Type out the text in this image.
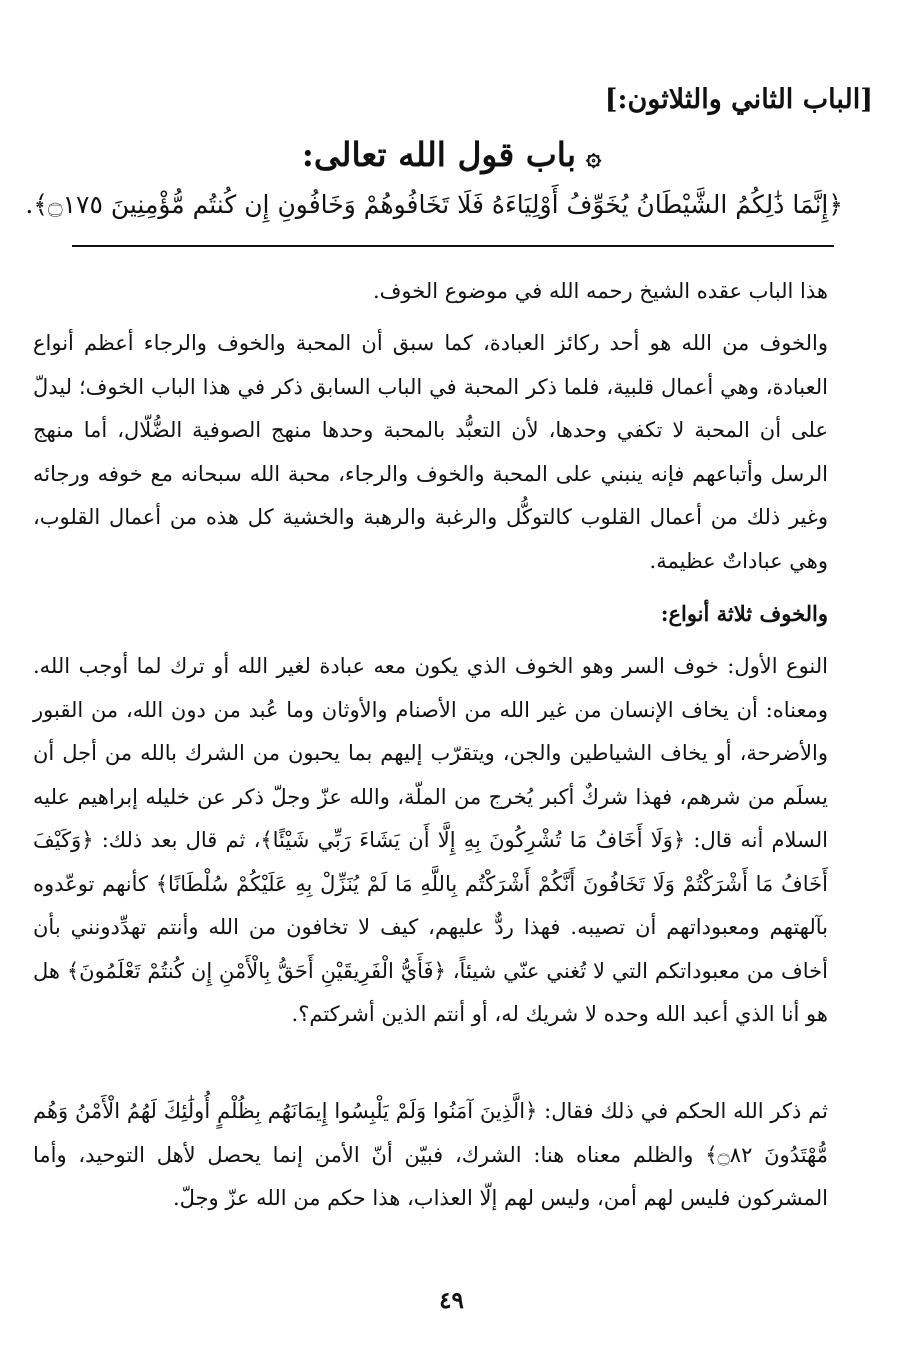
[الباب الثاني والثلاثون:]
۞باب قول الله تعالى:
﴿إِنَّمَا ذَٰلِكُمُ الشَّيْطَانُ يُخَوِّفُ أَوْلِيَاءَهُ فَلَا تَخَافُوهُمْ وَخَافُونِ إِن كُنتُم مُّؤْمِنِينَ ۝١٧٥﴾.
هذا الباب عقده الشيخ رحمه الله في موضوع الخوف.
والخوف من الله هو أحد ركائز العبادة، كما سبق أن المحبة والخوف والرجاء أعظم أنواع العبادة، وهي أعمال قلبية، فلما ذكر المحبة في الباب السابق ذكر في هذا الباب الخوف؛ ليدلّ على أن المحبة لا تكفي وحدها، لأن التعبُّد بالمحبة وحدها منهج الصوفية الضُّلّال، أما منهج الرسل وأتباعهم فإنه ينبني على المحبة والخوف والرجاء، محبة الله سبحانه مع خوفه ورجائه وغير ذلك من أعمال القلوب كالتوكُّل والرغبة والرهبة والخشية كل هذه من أعمال القلوب، وهي عباداتٌ عظيمة.
والخوف ثلاثة أنواع:
النوع الأول: خوف السر وهو الخوف الذي يكون معه عبادة لغير الله أو ترك لما أوجب الله. ومعناه: أن يخاف الإنسان من غير الله من الأصنام والأوثان وما عُبد من دون الله، من القبور والأضرحة، أو يخاف الشياطين والجن، ويتقرّب إليهم بما يحبون من الشرك بالله من أجل أن يسلَم من شرهم، فهذا شركٌ أكبر يُخرج من الملّة، والله عزّ وجلّ ذكر عن خليله إبراهيم عليه السلام أنه قال: ﴿وَلَا أَخَافُ مَا تُشْرِكُونَ بِهِ إِلَّا أَن يَشَاءَ رَبِّي شَيْئًا﴾، ثم قال بعد ذلك: ﴿وَكَيْفَ أَخَافُ مَا أَشْرَكْتُمْ وَلَا تَخَافُونَ أَنَّكُمْ أَشْرَكْتُم بِاللَّهِ مَا لَمْ يُنَزِّلْ بِهِ عَلَيْكُمْ سُلْطَانًا﴾ كأنهم توعّدوه بآلهتهم ومعبوداتهم أن تصيبه. فهذا ردٌّ عليهم، كيف لا تخافون من الله وأنتم تهدِّدونني بأن أخاف من معبوداتكم التي لا تُغني عنّي شيئاً، ﴿فَأَيُّ الْفَرِيقَيْنِ أَحَقُّ بِالْأَمْنِ إِن كُنتُمْ تَعْلَمُونَ﴾ هل هو أنا الذي أعبد الله وحده لا شريك له، أو أنتم الذين أشركتم؟.
ثم ذكر الله الحكم في ذلك فقال: ﴿الَّذِينَ آمَنُوا وَلَمْ يَلْبِسُوا إِيمَانَهُم بِظُلْمٍ أُولَٰئِكَ لَهُمُ الْأَمْنُ وَهُم مُّهْتَدُونَ ۝٨٢﴾ والظلم معناه هنا: الشرك، فبيّن أنّ الأمن إنما يحصل لأهل التوحيد، وأما المشركون فليس لهم أمن، وليس لهم إلّا العذاب، هذا حكم من الله عزّ وجلّ.
٤٩
